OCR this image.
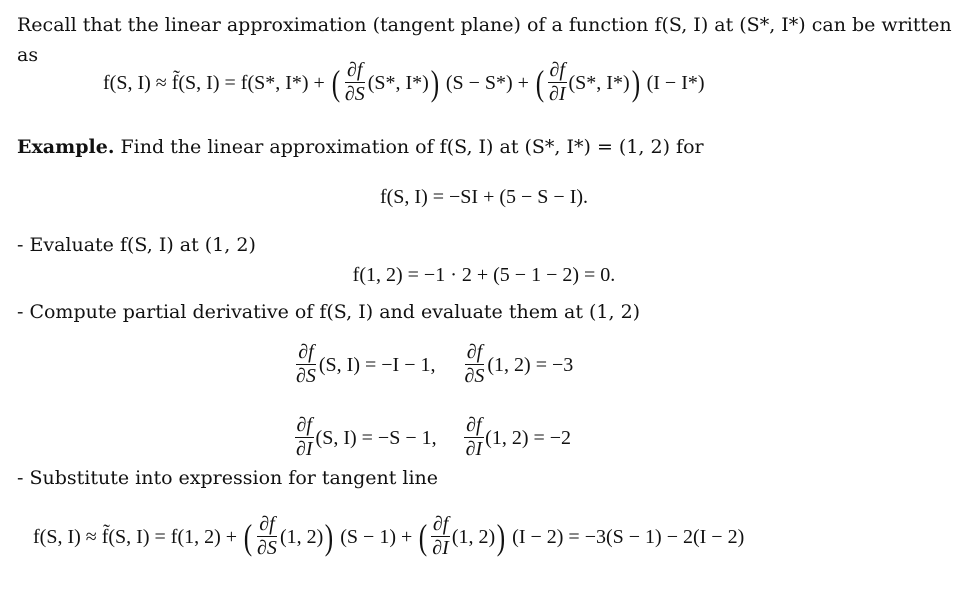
Recall that the linear approximation (tangent plane) of a function f(S, I) at (S*, I*) can be written
as
f(S, I) ≈ f̃(S, I) = f(S*, I*) + ( $\frac{\partial f}{\partial S} (S*$, I*)) (S − S*) + ( $\frac{\partial f}{\partial I} (S*$, I*)) (I − I*)
Example. Find the linear approximation of f(S, I) at (S*, I*) = (1, 2) for
f(S, I) = −SI + (5 − S − I).
- Evaluate f(S, I) at (1, 2)
f(1, 2) = −1 · 2 + (5 − 1 − 2) = 0.
- Compute partial derivative of f(S, I) and evaluate them at (1, 2)
$\frac{\partial f}{\partial S} (S$, I) = −I − 1, $\frac{\partial f}{\partial S} (1$, 2) = −3
$\frac{\partial f}{\partial I} (S$, I) = −S − 1, $\frac{\partial f}{\partial I} (1$, 2) = −2
- Substitute into expression for tangent line
f(S, I) ≈ f̃(S, I) = f(1, 2) + ( $\frac{\partial f}{\partial S} (1$, 2)) (S − 1) + ( $\frac{\partial f}{\partial I} (1$, 2)) (I − 2) = −3(S − 1) − 2(I − 2)
